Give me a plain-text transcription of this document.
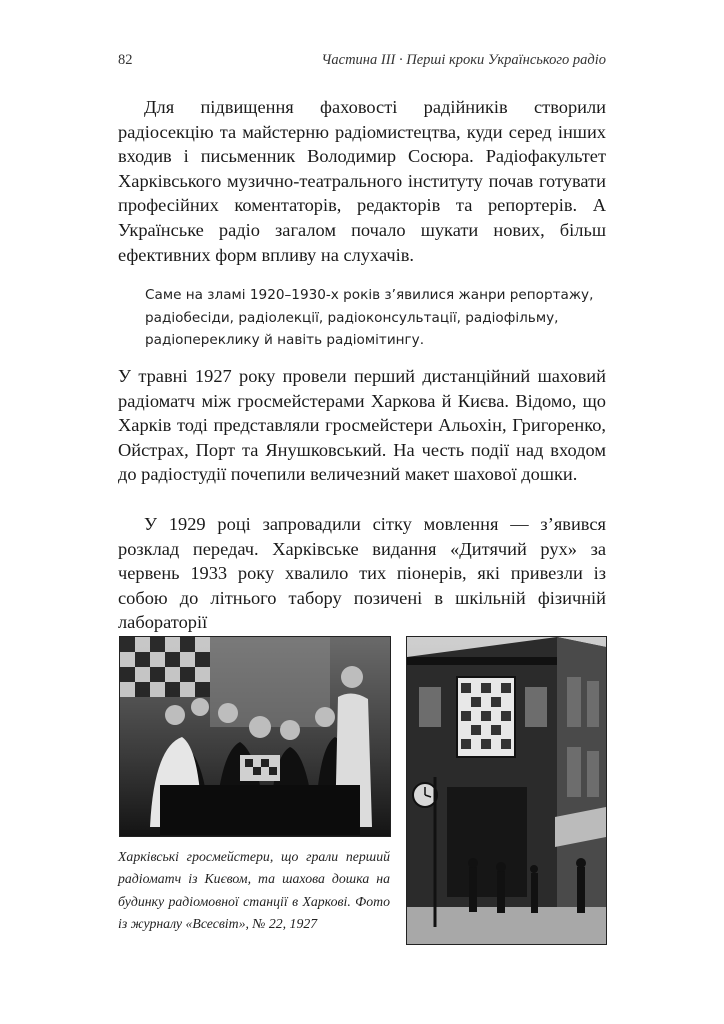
82	Частина III · Перші кроки Українського радіо

Для підвищення фаховості радійників створили радіосекцію та майстерню радіомистецтва, куди серед інших входив і письменник Володимир Сосюра. Радіофакультет Харківського музично-театрального інституту почав готувати професійних коментаторів, редакторів та репортерів. А Українське радіо загалом почало шукати нових, більш ефективних форм впливу на слухачів.

Саме на зламі 1920–1930-х років з’явилися жанри репортажу, радіобесіди, радіолекції, радіоконсультації, радіофільму, радіопереклику й навіть радіомітингу.

У травні 1927 року провели перший дистанційний шаховий радіоматч між гросмейстерами Харкова й Києва. Відомо, що Харків тоді представляли гросмейстери Альохін, Григоренко, Ойстрах, Порт та Янушковський. На честь події над входом до радіостудії почепили величезний макет шахової дошки.

У 1929 році запровадили сітку мовлення — з’явився розклад передач. Харківське видання «Дитячий рух» за червень 1933 року хвалило тих піонерів, які привезли із собою до літнього табору позичені в шкільній фізичній лабораторії

Харківські гросмейстери, що грали перший радіоматч із Києвом, та шахова дошка на будинку радіомовної станції в Харкові. Фото із журналу «Всесвіт», № 22, 1927
